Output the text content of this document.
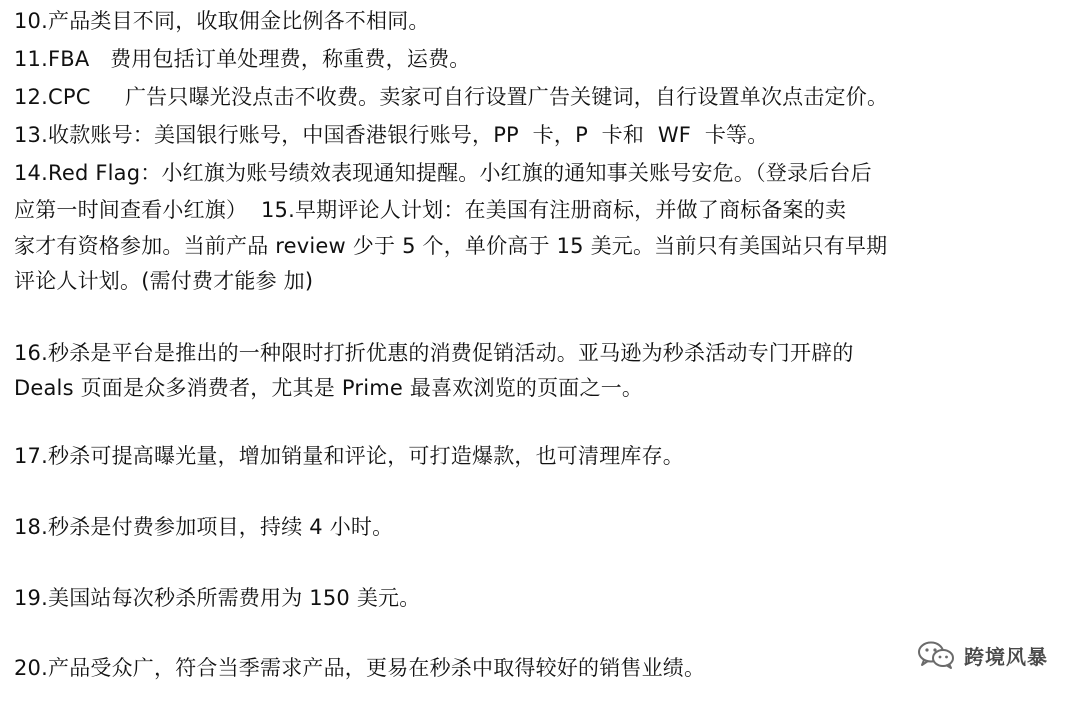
10.产品类目不同，收取佣金比例各不相同。
11.FBA   费用包括订单处理费，称重费，运费。
12.CPC     广告只曝光没点击不收费。卖家可自行设置广告关键词，自行设置单次点击定价。
13.收款账号：美国银行账号，中国香港银行账号，PP  卡，P  卡和  WF  卡等。
14.Red Flag：小红旗为账号绩效表现通知提醒。小红旗的通知事关账号安危。（登录后台后
应第一时间查看小红旗）  15.早期评论人计划：在美国有注册商标，并做了商标备案的卖
家才有资格参加。当前产品 review 少于 5 个，单价高于 15 美元。当前只有美国站只有早期
评论人计划。(需付费才能参 加)
16.秒杀是平台是推出的一种限时打折优惠的消费促销活动。亚马逊为秒杀活动专门开辟的
Deals 页面是众多消费者，尤其是 Prime 最喜欢浏览的页面之一。
17.秒杀可提高曝光量，增加销量和评论，可打造爆款，也可清理库存。
18.秒杀是付费参加项目，持续 4 小时。
19.美国站每次秒杀所需费用为 150 美元。
20.产品受众广，符合当季需求产品，更易在秒杀中取得较好的销售业绩。	跨境风暴
